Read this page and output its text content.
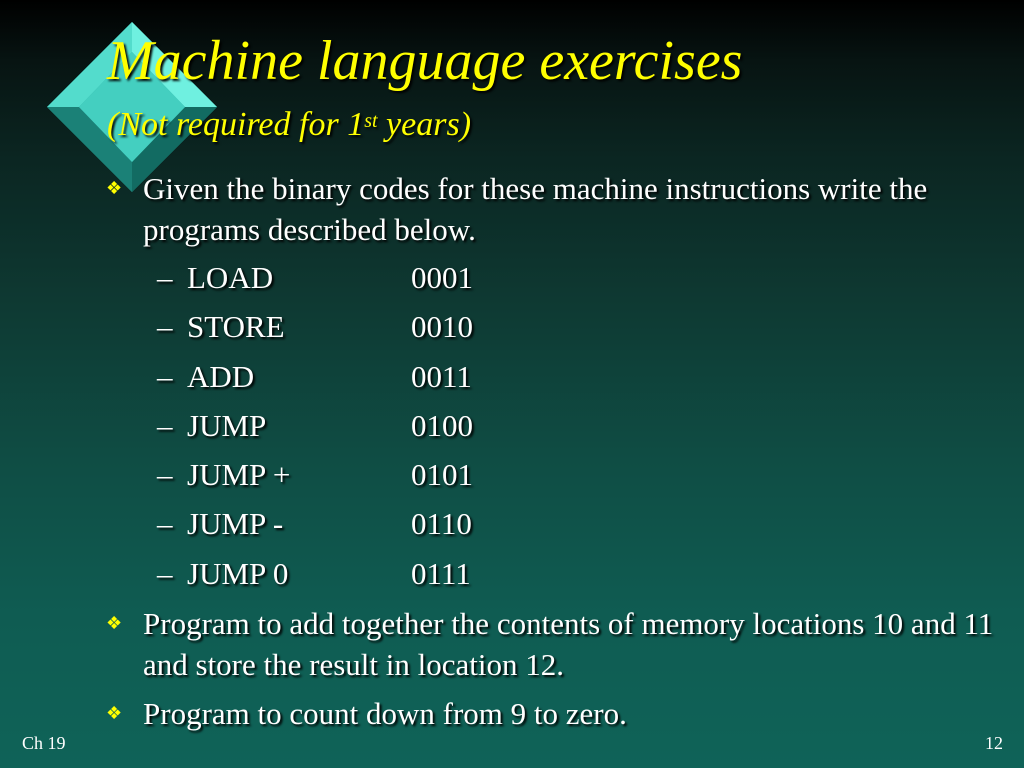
Machine language exercises
(Not required for 1st years)
❖ Given the binary codes for these machine instructions write the programs described below.
– LOAD	0001
– STORE	0010
– ADD	0011
– JUMP	0100
– JUMP +	0101
– JUMP -	0110
– JUMP 0	0111
❖ Program to add together the contents of memory locations 10 and 11 and store the result in location 12.
❖ Program to count down from 9 to zero.
Ch 19	12
